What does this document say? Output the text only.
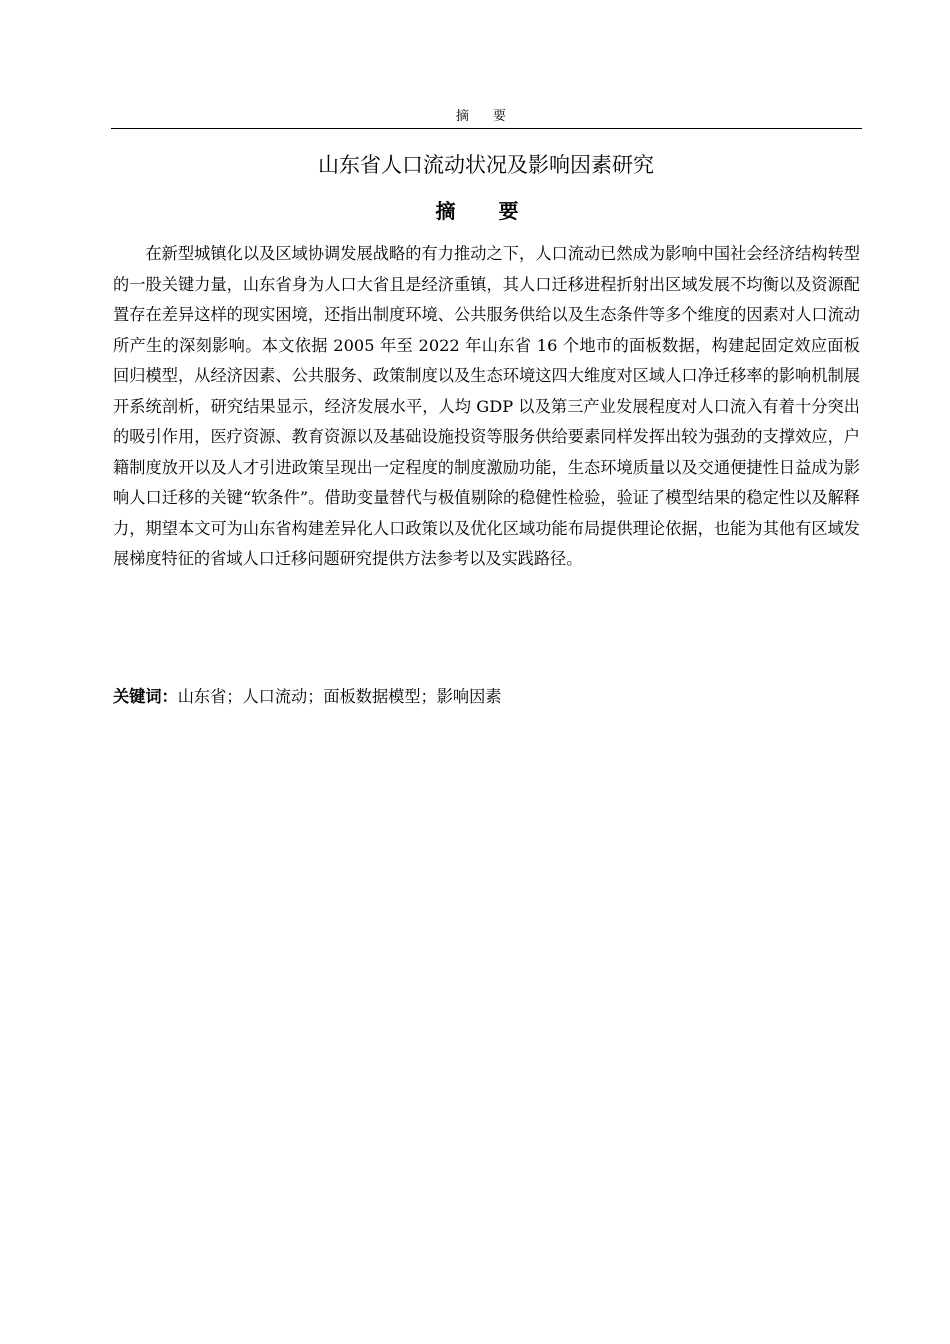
摘 要
山东省人口流动状况及影响因素研究
摘 要

在新型城镇化以及区域协调发展战略的有力推动之下，人口流动已然成为影响中国社会经济结构转型的一股关键力量，山东省身为人口大省且是经济重镇，其人口迁移进程折射出区域发展不均衡以及资源配置存在差异这样的现实困境，还指出制度环境、公共服务供给以及生态条件等多个维度的因素对人口流动所产生的深刻影响。本文依据 2005 年至 2022 年山东省 16 个地市的面板数据，构建起固定效应面板回归模型，从经济因素、公共服务、政策制度以及生态环境这四大维度对区域人口净迁移率的影响机制展开系统剖析，研究结果显示，经济发展水平，人均 GDP 以及第三产业发展程度对人口流入有着十分突出的吸引作用，医疗资源、教育资源以及基础设施投资等服务供给要素同样发挥出较为强劲的支撑效应，户籍制度放开以及人才引进政策呈现出一定程度的制度激励功能，生态环境质量以及交通便捷性日益成为影响人口迁移的关键“软条件”。借助变量替代与极值剔除的稳健性检验，验证了模型结果的稳定性以及解释力，期望本文可为山东省构建差异化人口政策以及优化区域功能布局提供理论依据，也能为其他有区域发展梯度特征的省域人口迁移问题研究提供方法参考以及实践路径。

关键词：山东省；人口流动；面板数据模型；影响因素
